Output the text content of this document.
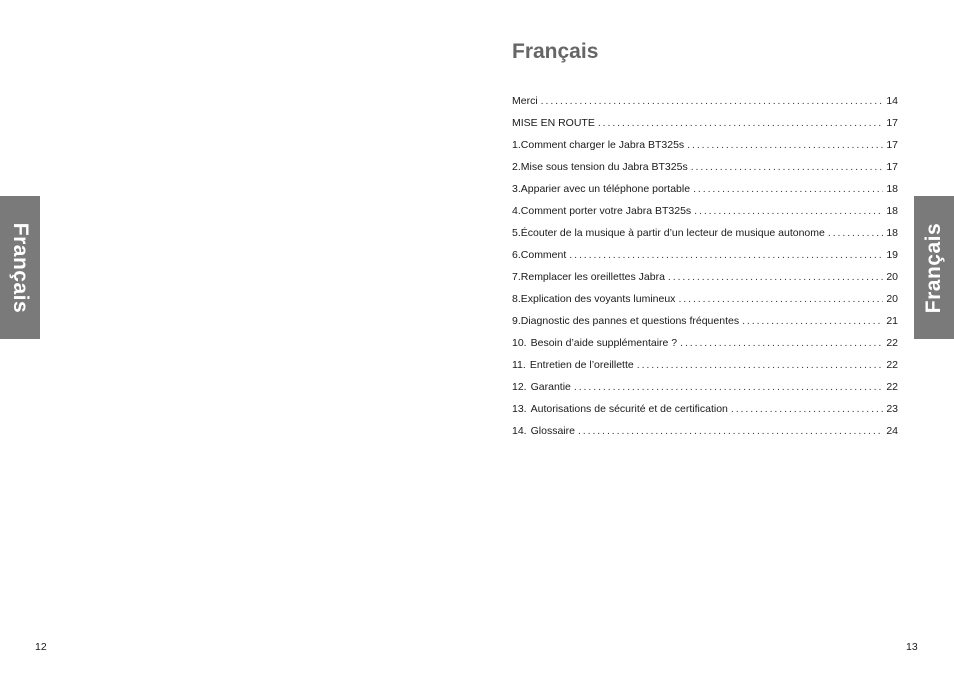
Français	Français
Français
Merci . . .	14
MISE EN ROUTE . . .	17
1. Comment charger le Jabra BT325s . . .	17
2. Mise sous tension du Jabra BT325s . . .	17
3. Apparier avec un téléphone portable . . .	18
4. Comment porter votre Jabra BT325s . . .	18
5. Écouter de la musique à partir d’un lecteur de musique autonome . . .	18
6. Comment . . .	19
7. Remplacer les oreillettes Jabra . . .	20
8. Explication des voyants lumineux . . .	20
9. Diagnostic des pannes et questions fréquentes . . .	21
10. Besoin d’aide supplémentaire ? . . .	22
11. Entretien de l’oreillette . . .	22
12. Garantie . . .	22
13. Autorisations de sécurité et de certification . . .	23
14. Glossaire . . .	24
12	13
